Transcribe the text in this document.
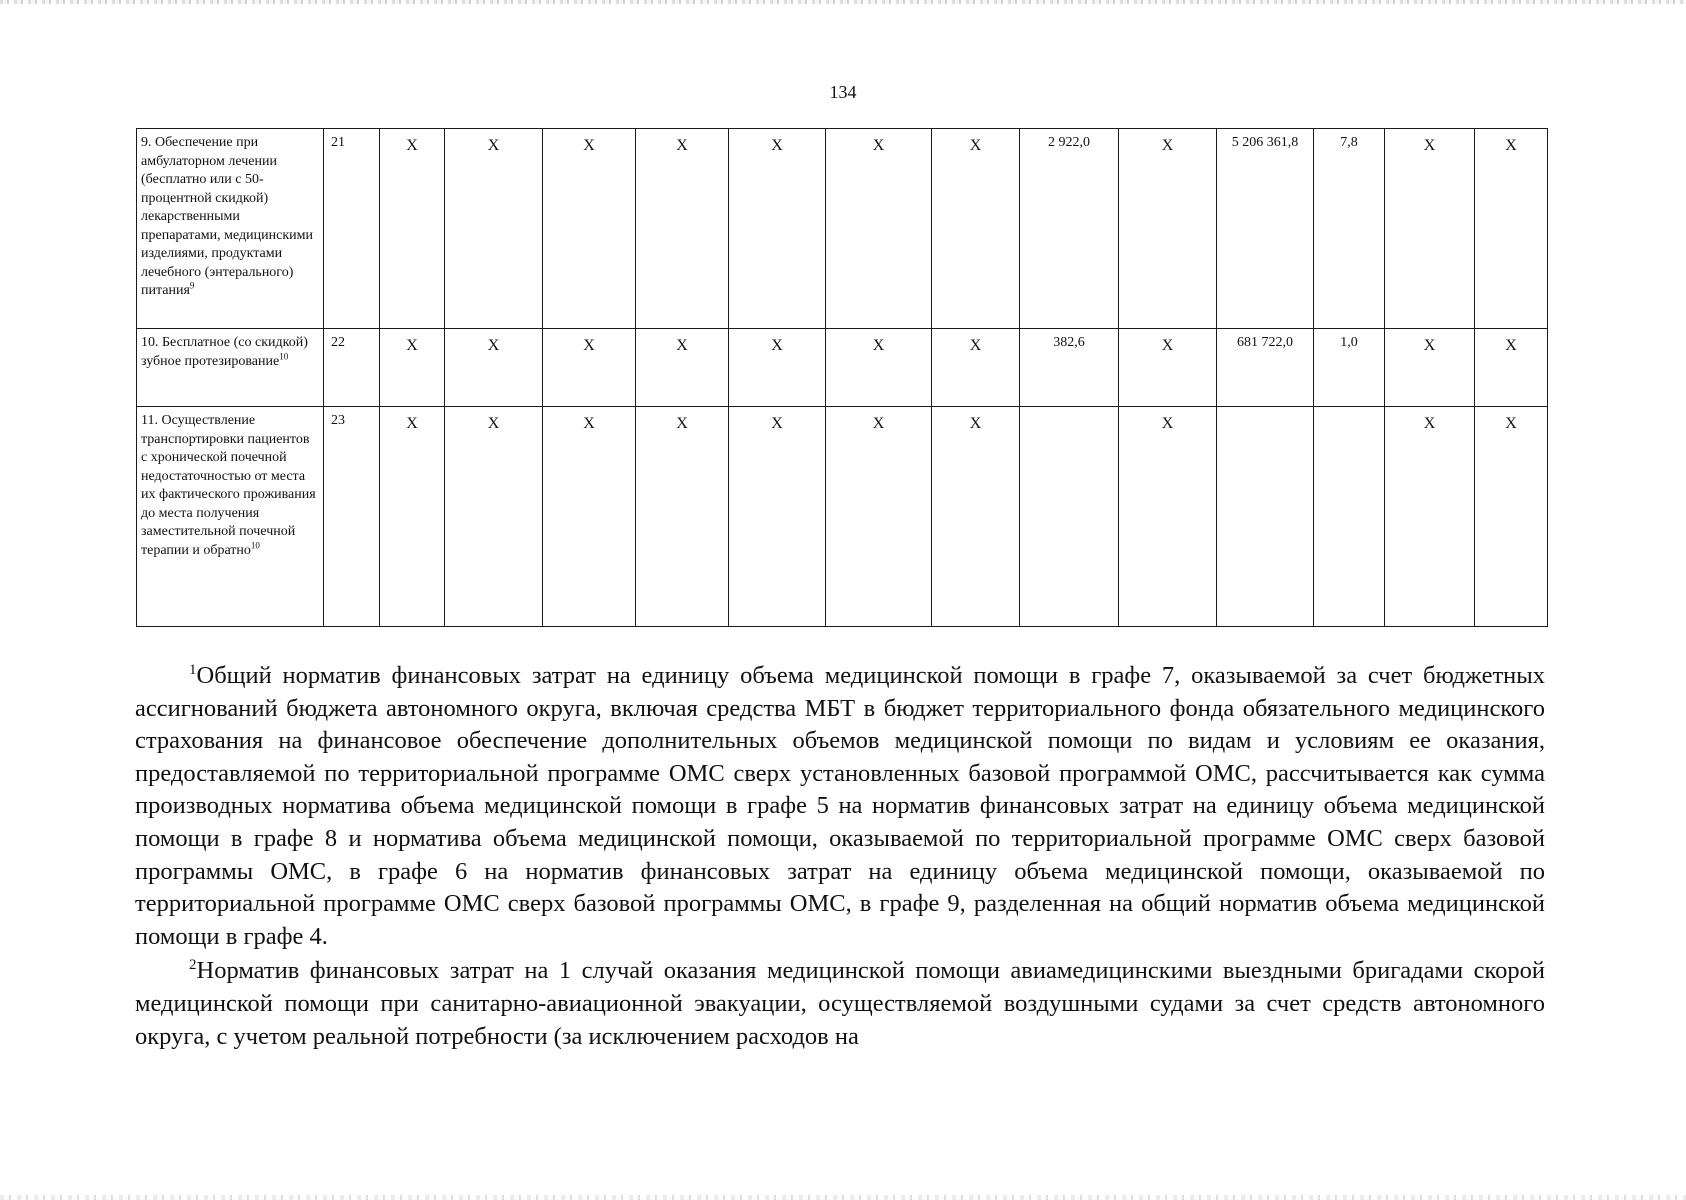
134
9. Обеспечение при амбулаторном лечении (бесплатно или с 50-процентной скидкой) лекарственными препаратами, медицинскими изделиями, продуктами лечебного (энтерального) питания$^9$	21	Х	Х	Х	Х	Х	Х	Х	2 922,0	Х	5 206 361,8	7,8	Х	Х
10. Бесплатное (со скидкой) зубное протезирование$^{10}$	22	Х	Х	Х	Х	Х	Х	Х	382,6	Х	681 722,0	1,0	Х	Х
11. Осуществление транспортировки пациентов с хронической почечной недостаточностью от места их фактического проживания до места получения заместительной почечной терапии и обратно$^{10}$	23	Х	Х	Х	Х	Х	Х	Х		Х			Х	Х

$^1$Общий норматив финансовых затрат на единицу объема медицинской помощи в графе 7, оказываемой за счет бюджетных ассигнований бюджета автономного округа, включая средства МБТ в бюджет территориального фонда обязательного медицинского страхования на финансовое обеспечение дополнительных объемов медицинской помощи по видам и условиям ее оказания, предоставляемой по территориальной программе ОМС сверх установленных базовой программой ОМС, рассчитывается как сумма производных норматива объема медицинской помощи в графе 5 на норматив финансовых затрат на единицу объема медицинской помощи в графе 8 и норматива объема медицинской помощи, оказываемой по территориальной программе ОМС сверх базовой программы ОМС, в графе 6 на норматив финансовых затрат на единицу объема медицинской помощи, оказываемой по территориальной программе ОМС сверх базовой программы ОМС, в графе 9, разделенная на общий норматив объема медицинской помощи в графе 4.

$^2$Норматив финансовых затрат на 1 случай оказания медицинской помощи авиамедицинскими выездными бригадами скорой медицинской помощи при санитарно-авиационной эвакуации, осуществляемой воздушными судами за счет средств автономного округа, с учетом реальной потребности (за исключением расходов на
